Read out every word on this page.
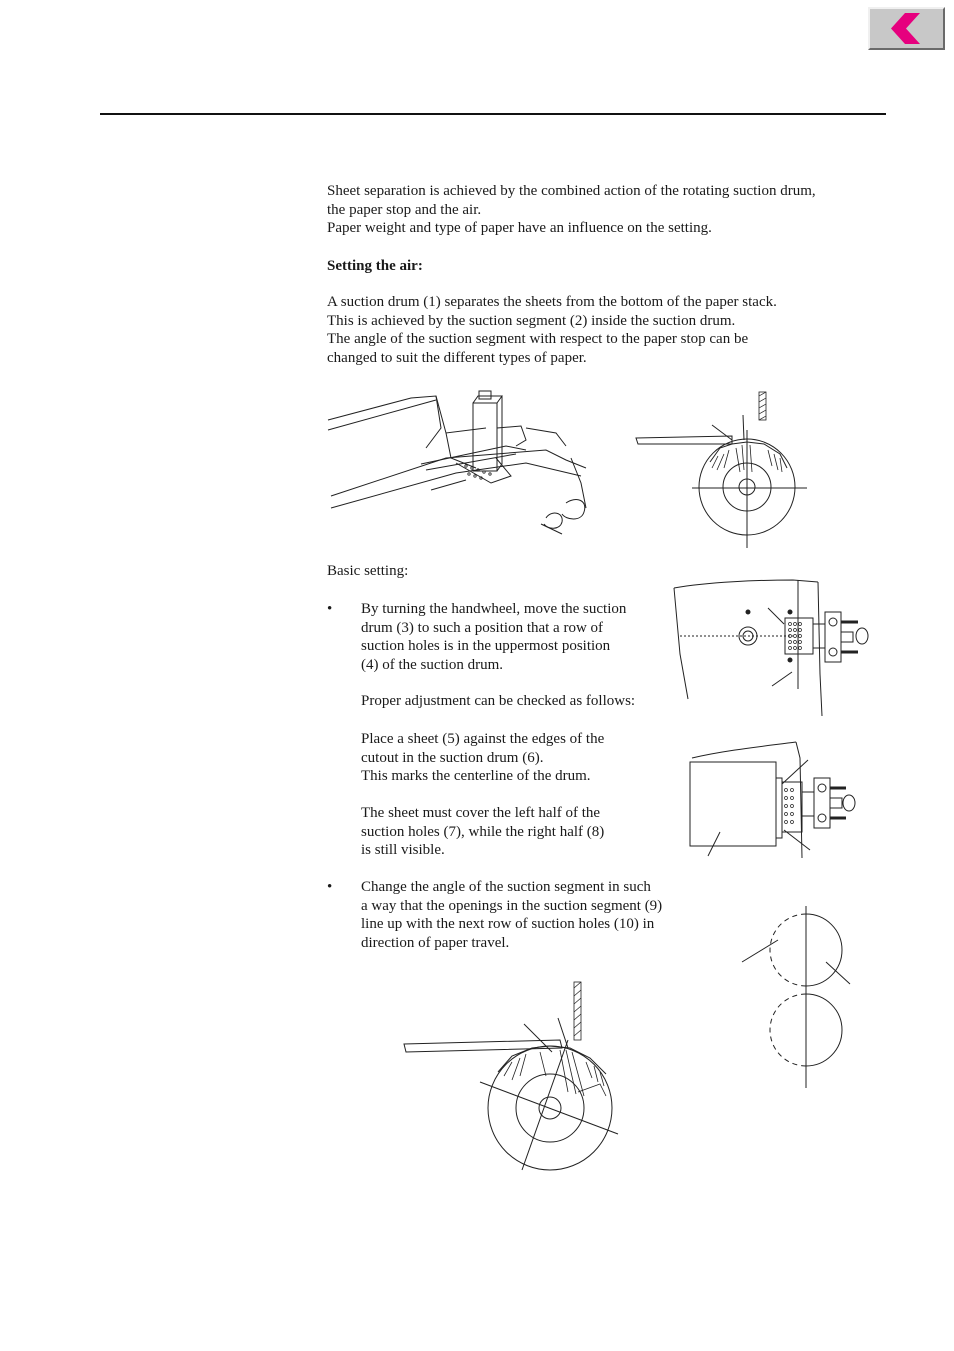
Sheet separation is achieved by the combined action of the rotating suction drum,

the paper stop and the air.

Paper weight and type of paper have an influence on the setting.

Setting the air:

A suction drum (1) separates the sheets from the bottom of the paper stack.

This is achieved by the suction segment (2) inside the suction drum.

The angle of the suction segment with respect to the paper stop can be

changed to suit the different types of paper.

Basic setting:

• By turning the handwheel, move the suction

drum (3) to such a position that a row of

suction holes is in the uppermost position

(4) of the suction drum.

Proper adjustment can be checked as follows:

Place a sheet (5) against the edges of the

cutout in the suction drum (6).

This marks the centerline of the drum.

The sheet must cover the left half of the

suction holes (7), while the right half (8)

is still visible.

• Change the angle of the suction segment in such

a way that the openings in the suction segment (9)

line up with the next row of suction holes (10) in

direction of paper travel.
